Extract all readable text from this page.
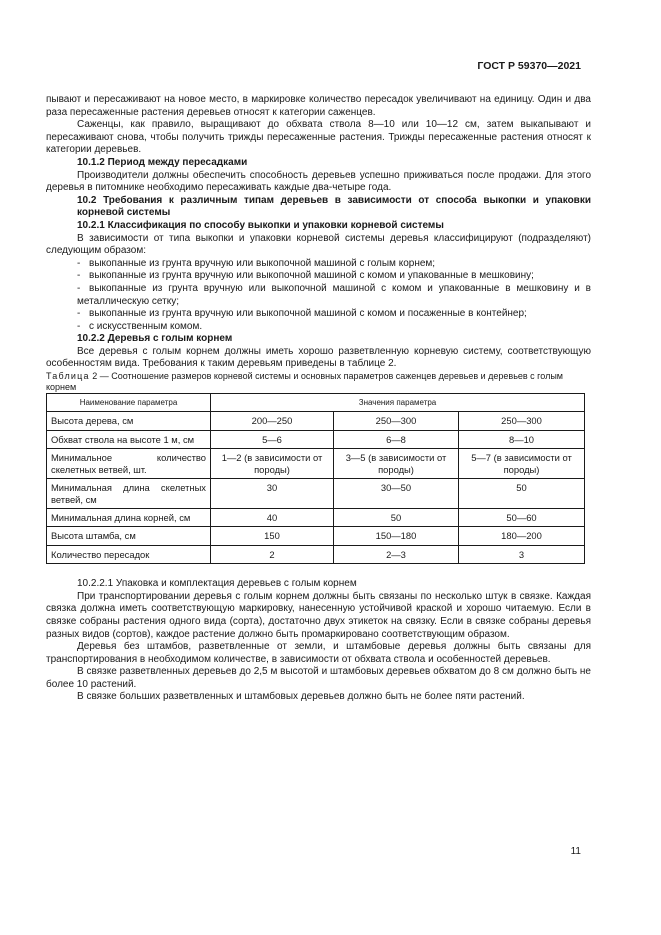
ГОСТ Р 59370—2021

пывают и пересаживают на новое место, в маркировке количество пересадок увеличивают на единицу. Один и два раза пересаженные растения деревьев относят к категории саженцев.

Саженцы, как правило, выращивают до обхвата ствола 8—10 или 10—12 см, затем выкапывают и пересаживают снова, чтобы получить трижды пересаженные растения. Трижды пересаженные растения относят к категории деревьев.

10.1.2 Период между пересадками

Производители должны обеспечить способность деревьев успешно приживаться после продажи. Для этого деревья в питомнике необходимо пересаживать каждые два-четыре года.

10.2 Требования к различным типам деревьев в зависимости от способа выкопки и упаковки корневой системы

10.2.1 Классификация по способу выкопки и упаковки корневой системы

В зависимости от типа выкопки и упаковки корневой системы деревья классифицируют (подразделяют) следующим образом:

- выкопанные из грунта вручную или выкопочной машиной с голым корнем;

- выкопанные из грунта вручную или выкопочной машиной с комом и упакованные в мешковину;

- выкопанные из грунта вручную или выкопочной машиной с комом и упакованные в мешковину и в металлическую сетку;

- выкопанные из грунта вручную или выкопочной машиной с комом и посаженные в контейнер;

- с искусственным комом.

10.2.2 Деревья с голым корнем

Все деревья с голым корнем должны иметь хорошо разветвленную корневую систему, соответствующую особенностям вида. Требования к таким деревьям приведены в таблице 2.

Таблица 2 — Соотношение размеров корневой системы и основных параметров саженцев деревьев и деревьев с голым корнем

Наименование параметра	Значения параметра		
Высота дерева, см	200—250	250—300	250—300
Обхват ствола на высоте 1 м, см	5—6	6—8	8—10
Минимальное количество скелетных ветвей, шт.	1—2 (в зависимости от породы)	3—5 (в зависимости от породы)	5—7 (в зависимости от породы)
Минимальная длина скелетных ветвей, см	30	30—50	50
Минимальная длина корней, см	40	50	50—60
Высота штамба, см	150	150—180	180—200
Количество пересадок	2	2—3	3

10.2.2.1 Упаковка и комплектация деревьев с голым корнем

При транспортировании деревья с голым корнем должны быть связаны по несколько штук в связке. Каждая связка должна иметь соответствующую маркировку, нанесенную устойчивой краской и хорошо читаемую. Если в связке собраны растения одного вида (сорта), достаточно двух этикеток на связку. Если в связке собраны деревья разных видов (сортов), каждое растение должно быть промаркировано соответствующим образом.

Деревья без штамбов, разветвленные от земли, и штамбовые деревья должны быть связаны для транспортирования в необходимом количестве, в зависимости от обхвата ствола и особенностей деревьев.

В связке разветвленных деревьев до 2,5 м высотой и штамбовых деревьев обхватом до 8 см должно быть не более 10 растений.

В связке больших разветвленных и штамбовых деревьев должно быть не более пяти растений.

11
